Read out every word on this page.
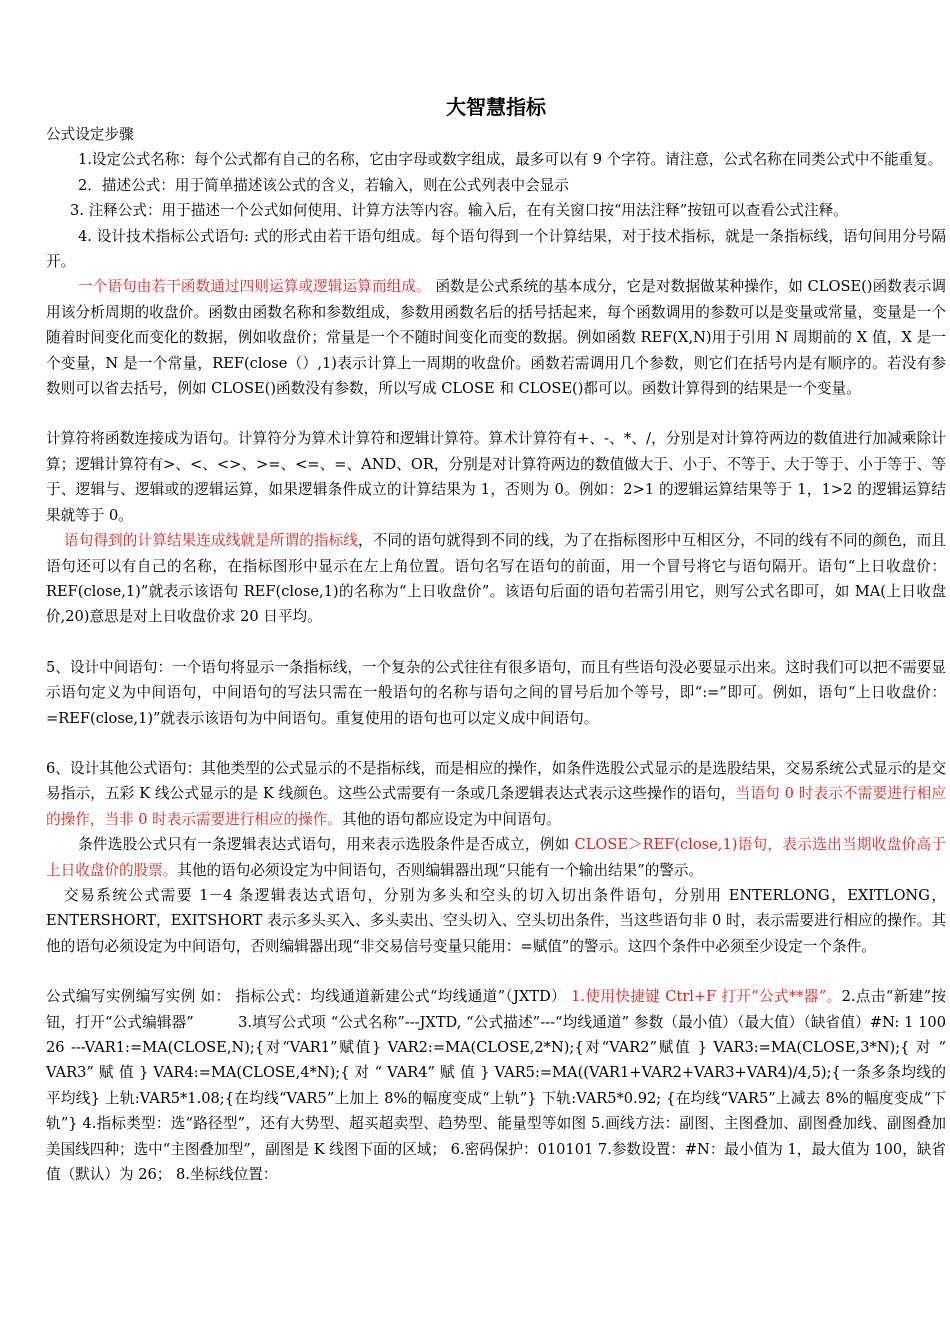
大智慧指标

公式设定步骤

1.设定公式名称：每个公式都有自己的名称，它由字母或数字组成，最多可以有 9 个字符。请注意，公式名称在同类公式中不能重复。

2．描述公式：用于简单描述该公式的含义，若输入，则在公式列表中会显示

3. 注释公式：用于描述一个公式如何使用、计算方法等内容。输入后，在有关窗口按“用法注释”按钮可以查看公式注释。

4. 设计技术指标公式语句: 式的形式由若干语句组成。每个语句得到一个计算结果，对于技术指标，就是一条指标线，语句间用分号隔开。

一个语句由若干函数通过四则运算或逻辑运算而组成。 函数是公式系统的基本成分，它是对数据做某种操作，如 CLOSE()函数表示调用该分析周期的收盘价。函数由函数名称和参数组成，参数用函数名后的括号括起来，每个函数调用的参数可以是变量或常量，变量是一个随着时间变化而变化的数据，例如收盘价；常量是一个不随时间变化而变的数据。例如函数 REF(X,N)用于引用 N 周期前的 X 值，X 是一个变量，N 是一个常量，REF(close（）,1)表示计算上一周期的收盘价。函数若需调用几个参数，则它们在括号内是有顺序的。若没有参数则可以省去括号，例如 CLOSE()函数没有参数，所以写成 CLOSE 和 CLOSE()都可以。函数计算得到的结果是一个变量。

计算符将函数连接成为语句。计算符分为算术计算符和逻辑计算符。算术计算符有+、-、*、/，分别是对计算符两边的数值进行加减乘除计算；逻辑计算符有>、<、<>、>=、<=、=、AND、OR，分别是对计算符两边的数值做大于、小于、不等于、大于等于、小于等于、等于、逻辑与、逻辑或的逻辑运算，如果逻辑条件成立的计算结果为 1，否则为 0。例如：2>1 的逻辑运算结果等于 1，1>2 的逻辑运算结果就等于 0。

语句得到的计算结果连成线就是所谓的指标线，不同的语句就得到不同的线，为了在指标图形中互相区分，不同的线有不同的颜色，而且语句还可以有自己的名称，在指标图形中显示在左上角位置。语句名写在语句的前面，用一个冒号将它与语句隔开。语句“上日收盘价：REF(close,1)”就表示该语句 REF(close,1)的名称为“上日收盘价”。该语句后面的语句若需引用它，则写公式名即可，如 MA(上日收盘价,20)意思是对上日收盘价求 20 日平均。

5、设计中间语句：一个语句将显示一条指标线，一个复杂的公式往往有很多语句，而且有些语句没必要显示出来。这时我们可以把不需要显示语句定义为中间语句，中间语句的写法只需在一般语句的名称与语句之间的冒号后加个等号，即“:=”即可。例如，语句“上日收盘价：=REF(close,1)”就表示该语句为中间语句。重复使用的语句也可以定义成中间语句。

6、设计其他公式语句：其他类型的公式显示的不是指标线，而是相应的操作，如条件选股公式显示的是选股结果，交易系统公式显示的是交易指示，五彩 K 线公式显示的是 K 线颜色。这些公式需要有一条或几条逻辑表达式表示这些操作的语句，当语句 0 时表示不需要进行相应的操作，当非 0 时表示需要进行相应的操作。其他的语句都应设定为中间语句。

条件选股公式只有一条逻辑表达式语句，用来表示选股条件是否成立，例如 CLOSE＞REF(close,1)语句，表示选出当期收盘价高于上日收盘价的股票。其他的语句必须设定为中间语句，否则编辑器出现“只能有一个输出结果”的警示。

交易系统公式需要 1－4 条逻辑表达式语句，分别为多头和空头的切入切出条件语句，分别用 ENTERLONG，EXITLONG，ENTERSHORT，EXITSHORT 表示多头买入、多头卖出、空头切入、空头切出条件，当这些语句非 0 时，表示需要进行相应的操作。其他的语句必须设定为中间语句，否则编辑器出现“非交易信号变量只能用：=赋值”的警示。这四个条件中必须至少设定一个条件。

公式编写实例编写实例 如： 指标公式：均线通道新建公式“均线通道”（JXTD） 1.使用快捷键 Ctrl+F 打开“公式**器”。2.点击“新建”按钮，打开“公式编辑器”　　　3.填写公式项 “公式名称”---JXTD, “公式描述”---“均线通道” 参数（最小值）（最大值）（缺省值）#N: 1 100 26 ---VAR1:=MA(CLOSE,N);{对“VAR1”赋值} VAR2:=MA(CLOSE,2*N);{对“VAR2”赋值 } VAR3:=MA(CLOSE,3*N);{ 对 “ VAR3” 赋 值 } VAR4:=MA(CLOSE,4*N);{ 对 “ VAR4” 赋 值 } VAR5:=MA((VAR1+VAR2+VAR3+VAR4)/4,5);{一条多条均线的平均线} 上轨:VAR5*1.08;{在均线“VAR5”上加上 8%的幅度变成“上轨”} 下轨:VAR5*0.92; {在均线“VAR5”上减去 8%的幅度变成“下轨”} 4.指标类型：选“路径型”，还有大势型、超买超卖型、趋势型、能量型等如图 5.画线方法：副图、主图叠加、副图叠加线、副图叠加美国线四种；选中“主图叠加型”，副图是 K 线图下面的区域； 6.密码保护：010101 7.参数设置：#N：最小值为 1，最大值为 100，缺省值（默认）为 26； 8.坐标线位置：
